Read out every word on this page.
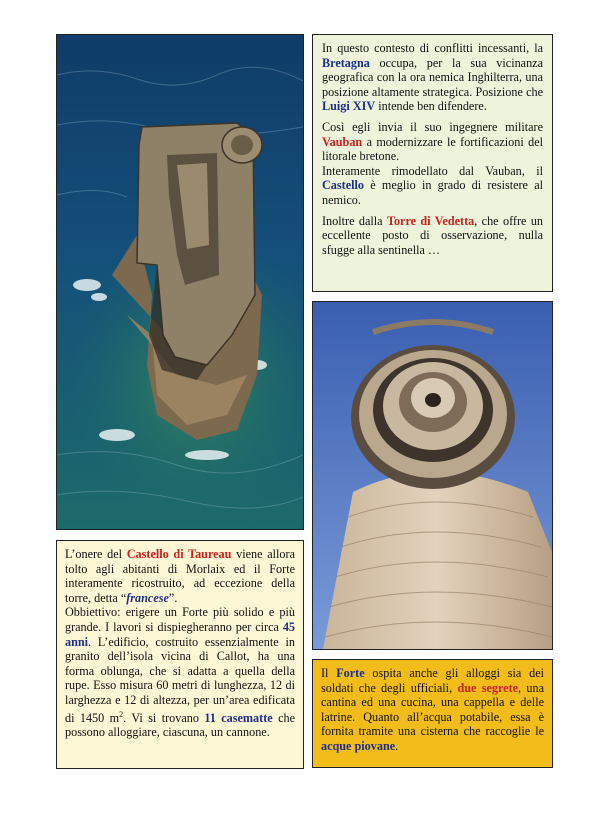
In questo contesto di conflitti incessanti, la Bretagna occupa, per la sua vicinanza geografica con la ora nemica Inghilterra, una posizione altamente strategica. Posizione che Luigi XIV intende ben difendere.

Così egli invia il suo ingegnere militare Vauban a modernizzare le fortificazioni del litorale bretone.

Interamente rimodellato dal Vauban, il Castello è meglio in grado di resistere al nemico.

Inoltre dalla Torre di Vedetta, che offre un eccellente posto di osservazione, nulla sfugge alla sentinella …

L’onere del Castello di Taureau viene allora tolto agli abitanti di Morlaix ed il Forte interamente ricostruito, ad eccezione della torre, detta “francese”.

Obbiettivo: erigere un Forte più solido e più grande. I lavori si dispiegheranno per circa 45 anni. L’edificio, costruito essenzialmente in granito dell’isola vicina di Callot, ha una forma oblunga, che si adatta a quella della rupe. Esso misura 60 metri di lunghezza, 12 di larghezza e 12 di altezza, per un’area edificata di 1450 $m^2$. Vi si trovano 11 casematte che possono alloggiare, ciascuna, un cannone.

Il Forte ospita anche gli alloggi sia dei soldati che degli ufficiali, due segrete, una cantina ed una cucina, una cappella e delle latrine. Quanto all’acqua potabile, essa è fornita tramite una cisterna che raccoglie le acque piovane.
